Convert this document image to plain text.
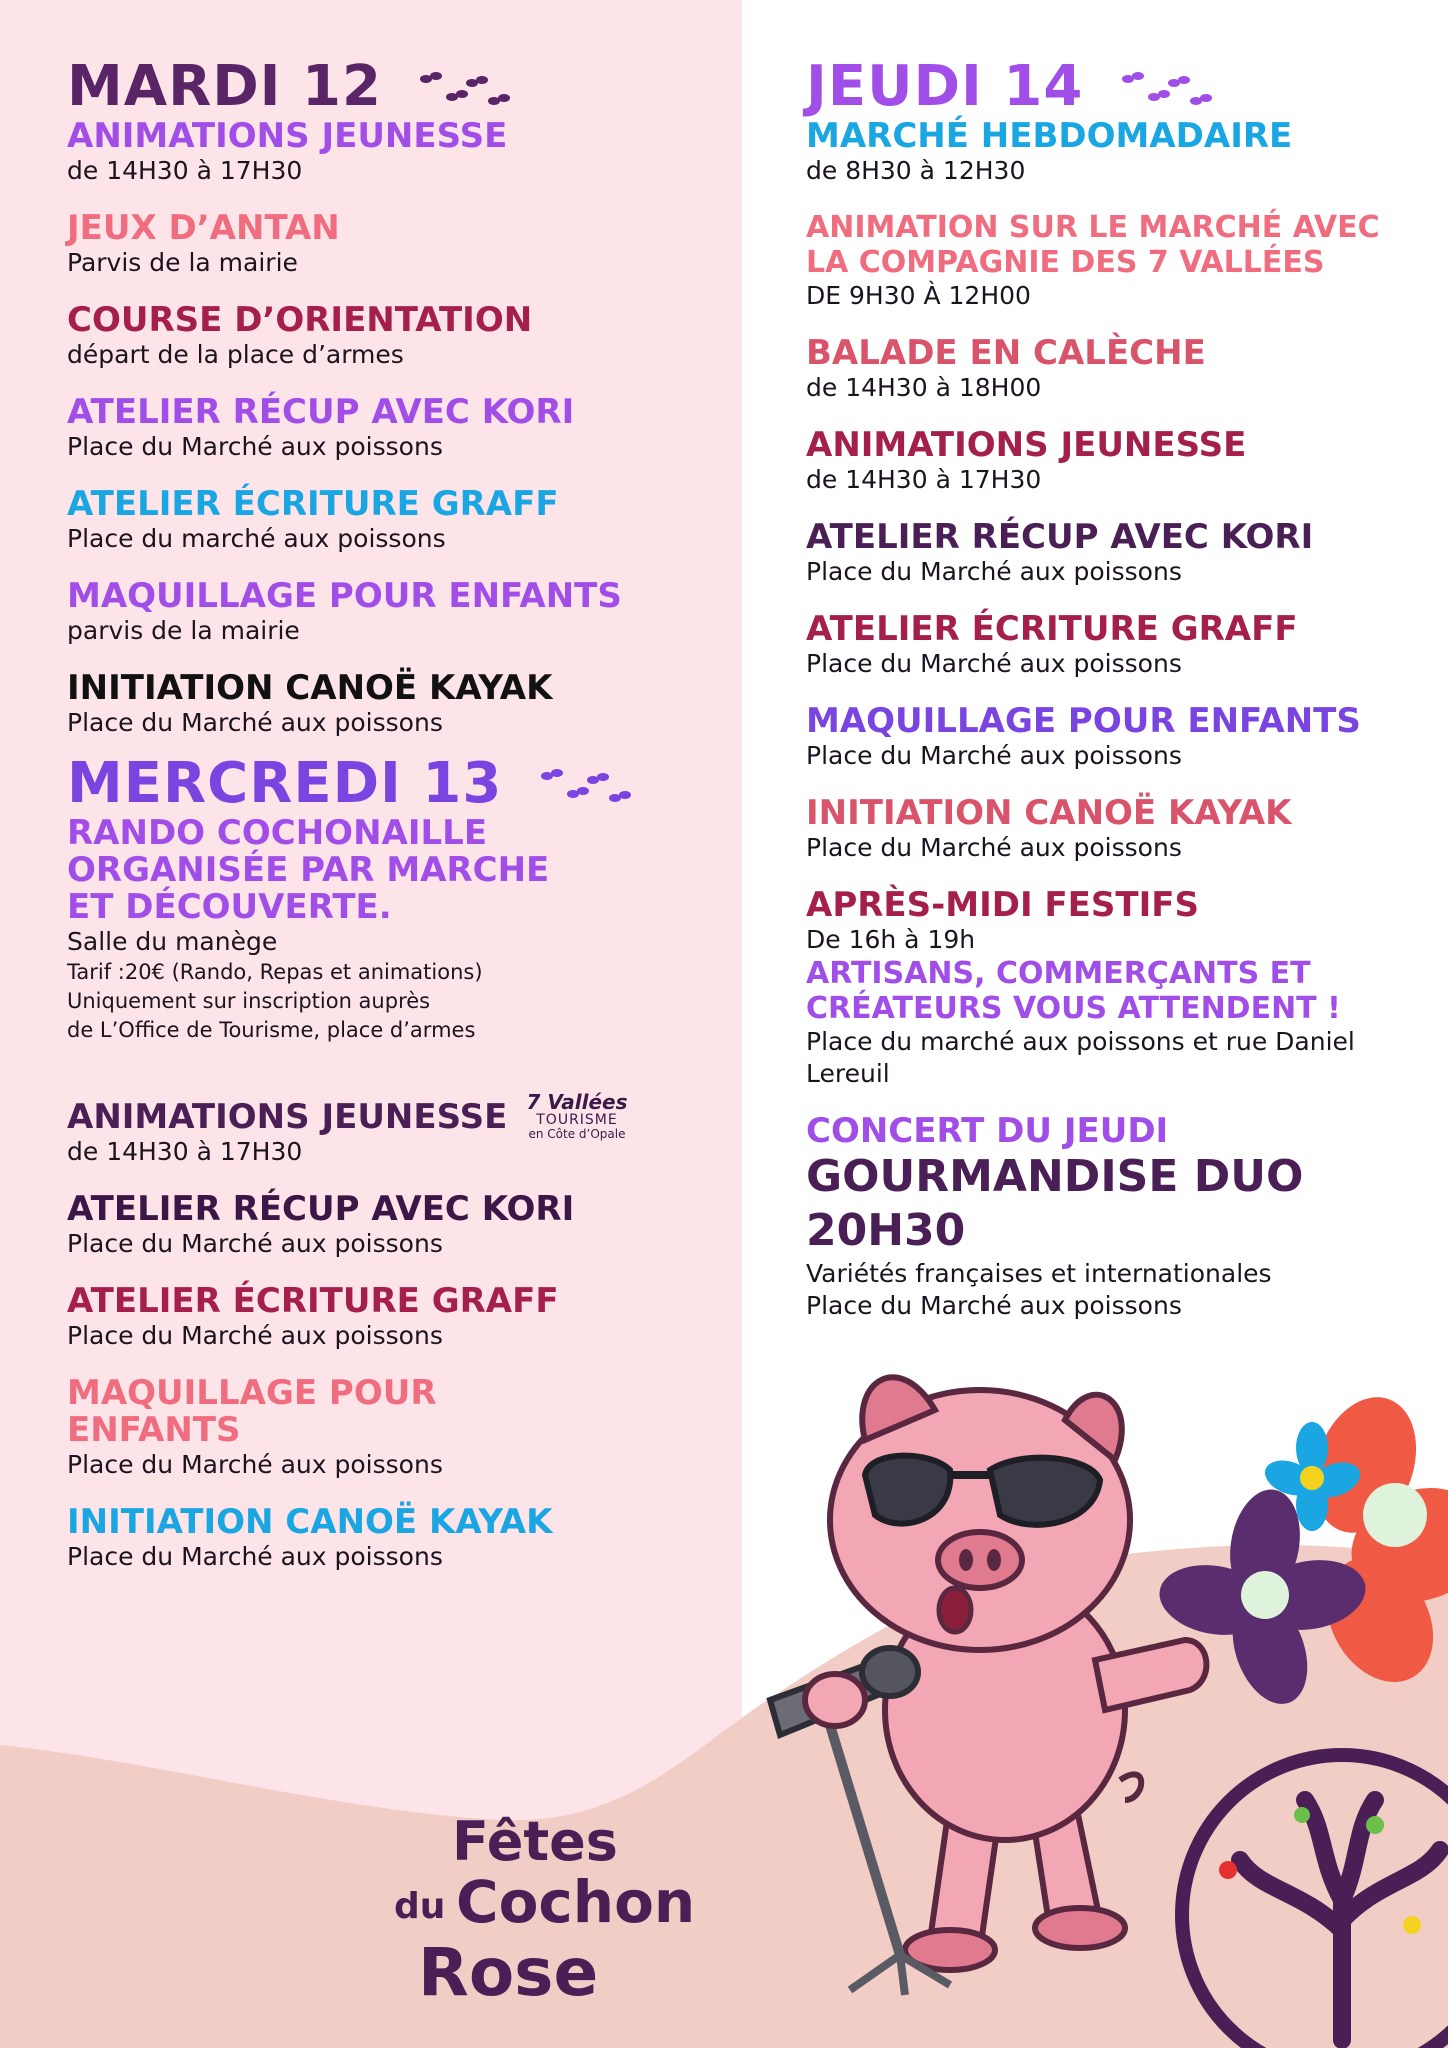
MARDI 12

ANIMATIONS JEUNESSE

de 14H30 à 17H30

JEUX D’ANTAN

Parvis de la mairie

COURSE D’ORIENTATION

départ de la place d’armes

ATELIER RÉCUP AVEC KORI

Place du Marché aux poissons

ATELIER ÉCRITURE GRAFF

Place du marché aux poissons

MAQUILLAGE POUR ENFANTS

parvis de la mairie

INITIATION CANOË KAYAK

Place du Marché aux poissons

MERCREDI 13

RANDO COCHONAILLE

ORGANISÉE PAR MARCHE

ET DÉCOUVERTE.

Salle du manège

Tarif :20€ (Rando, Repas et animations)

Uniquement sur inscription auprès

de L’Office de Tourisme, place d’armes

ANIMATIONS JEUNESSE

de 14H30 à 17H30

ATELIER RÉCUP AVEC KORI

Place du Marché aux poissons

ATELIER ÉCRITURE GRAFF

Place du Marché aux poissons

MAQUILLAGE POUR

ENFANTS

Place du Marché aux poissons

INITIATION CANOË KAYAK

Place du Marché aux poissons

7 Vallées
TOURISME
en Côte d’Opale
JEUDI 14

MARCHÉ HEBDOMADAIRE

de 8H30 à 12H30

ANIMATION SUR LE MARCHÉ AVEC

LA COMPAGNIE DES 7 VALLÉES

DE 9H30 À 12H00

BALADE EN CALÈCHE

de 14H30 à 18H00

ANIMATIONS JEUNESSE

de 14H30 à 17H30

ATELIER RÉCUP AVEC KORI

Place du Marché aux poissons

ATELIER ÉCRITURE GRAFF

Place du Marché aux poissons

MAQUILLAGE POUR ENFANTS

Place du Marché aux poissons

INITIATION CANOË KAYAK

Place du Marché aux poissons

APRÈS-MIDI FESTIFS

De 16h à 19h

ARTISANS, COMMERÇANTS ET

CRÉATEURS VOUS ATTENDENT !

Place du marché aux poissons et rue Daniel Lereuil

CONCERT DU JEUDI

GOURMANDISE DUO

20H30

Variétés françaises et internationales

Place du Marché aux poissons

Fêtes
du Cochon
Rose
